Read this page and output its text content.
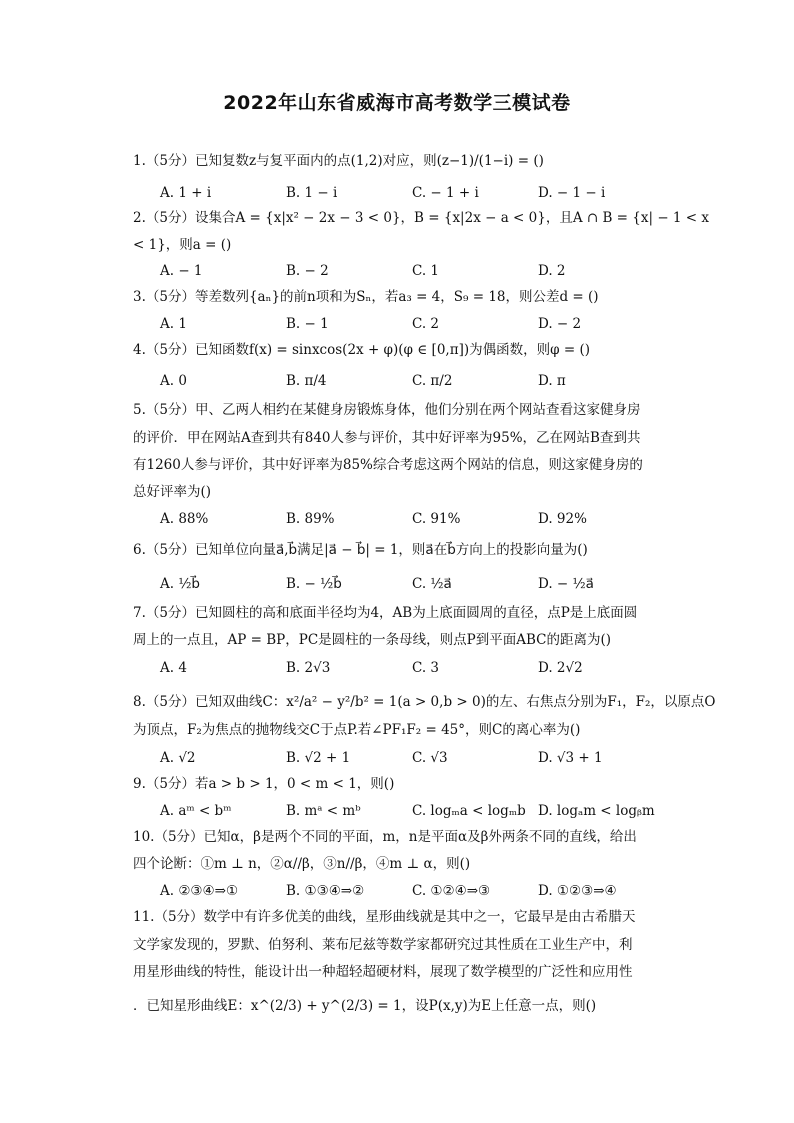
2022年山东省威海市高考数学三模试卷
1.（5分）已知复数z与复平面内的点(1,2)对应，则(z−1)/(1−i) = ()
A. 1 + i	B. 1 − i	C. − 1 + i	D. − 1 − i
2.（5分）设集合A = {x|x² − 2x − 3 < 0}，B = {x|2x − a < 0}，且A ∩ B = {x| − 1 < x
< 1}，则a = ()
A. − 1	B. − 2	C. 1	D. 2
3.（5分）等差数列{aₙ}的前n项和为Sₙ，若a₃ = 4，S₉ = 18，则公差d = ()
A. 1	B. − 1	C. 2	D. − 2
4.（5分）已知函数f(x) = sinxcos(2x + φ)(φ ∈ [0,π])为偶函数，则φ = ()
A. 0	B. π/4	C. π/2	D. π
5.（5分）甲、乙两人相约在某健身房锻炼身体，他们分别在两个网站查看这家健身房
的评价．甲在网站A查到共有840人参与评价，其中好评率为95%，乙在网站B查到共
有1260人参与评价，其中好评率为85%综合考虑这两个网站的信息，则这家健身房的
总好评率为()
A. 88%	B. 89%	C. 91%	D. 92%
6.（5分）已知单位向量a⃗,b⃗满足|a⃗ − b⃗| = 1，则a⃗在b⃗方向上的投影向量为()
A. ½b⃗	B. − ½b⃗	C. ½a⃗	D. − ½a⃗
7.（5分）已知圆柱的高和底面半径均为4，AB为上底面圆周的直径，点P是上底面圆
周上的一点且，AP = BP，PC是圆柱的一条母线，则点P到平面ABC的距离为()
A. 4	B. 2√3	C. 3	D. 2√2
8.（5分）已知双曲线C：x²/a² − y²/b² = 1(a > 0,b > 0)的左、右焦点分别为F₁，F₂，以原点O
为顶点，F₂为焦点的抛物线交C于点P.若∠PF₁F₂ = 45°，则C的离心率为()
A. √2	B. √2 + 1	C. √3	D. √3 + 1
9.（5分）若a > b > 1，0 < m < 1，则()
A. aᵐ < bᵐ	B. mᵃ < mᵇ	C. logₘa < logₘb D. logₐm < logᵦm
10.（5分）已知α，β是两个不同的平面，m，n是平面α及β外两条不同的直线，给出
四个论断：①m ⊥ n，②α//β，③n//β，④m ⊥ α，则()
A. ②③④⇒①	B. ①③④⇒②	C. ①②④⇒③	D. ①②③⇒④
11.（5分）数学中有许多优美的曲线，星形曲线就是其中之一，它最早是由古希腊天
文学家发现的，罗默、伯努利、莱布尼兹等数学家都研究过其性质在工业生产中，利
用星形曲线的特性，能设计出一种超轻超硬材料，展现了数学模型的广泛性和应用性
．已知星形曲线E：x^(2/3) + y^(2/3) = 1，设P(x,y)为E上任意一点，则()
